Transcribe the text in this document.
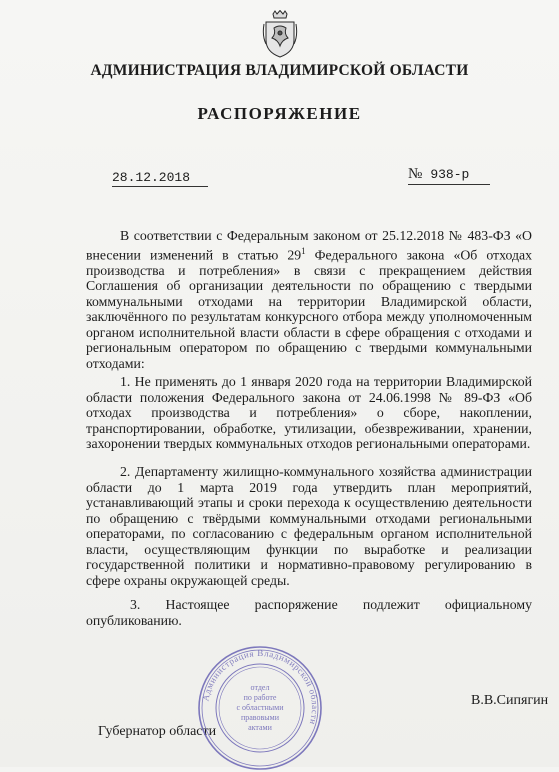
АДМИНИСТРАЦИЯ ВЛАДИМИРСКОЙ ОБЛАСТИ
РАСПОРЯЖЕНИЕ
28.12.2018	№ 938-р

В соответствии с Федеральным законом от 25.12.2018 № 483-ФЗ «О внесении изменений в статью $29^1$ Федерального закона «Об отходах производства и потребления» в связи с прекращением действия Соглашения об организации деятельности по обращению с твердыми коммунальными отходами на территории Владимирской области, заключённого по результатам конкурсного отбора между уполномоченным органом исполнительной власти области в сфере обращения с отходами и региональным оператором по обращению с твердыми коммунальными отходами:

1. Не применять до 1 января 2020 года на территории Владимирской области положения Федерального закона от 24.06.1998 № 89-ФЗ «Об отходах производства и потребления» о сборе, накоплении, транспортировании, обработке, утилизации, обезвреживании, хранении, захоронении твердых коммунальных отходов региональными операторами.

2. Департаменту жилищно-коммунального хозяйства администрации области до 1 марта 2019 года утвердить план мероприятий, устанавливающий этапы и сроки перехода к осуществлению деятельности по обращению с твёрдыми коммунальными отходами региональными операторами, по согласованию с федеральным органом исполнительной власти, осуществляющим функции по выработке и реализации государственной политики и нормативно-правовому регулированию в сфере охраны окружающей среды.

3. Настоящее распоряжение подлежит официальному опубликованию.

Губернатор области
В.В.Сипягин
Администрация Владимирской области
отдел
по работе
с областными
правовыми
актами
